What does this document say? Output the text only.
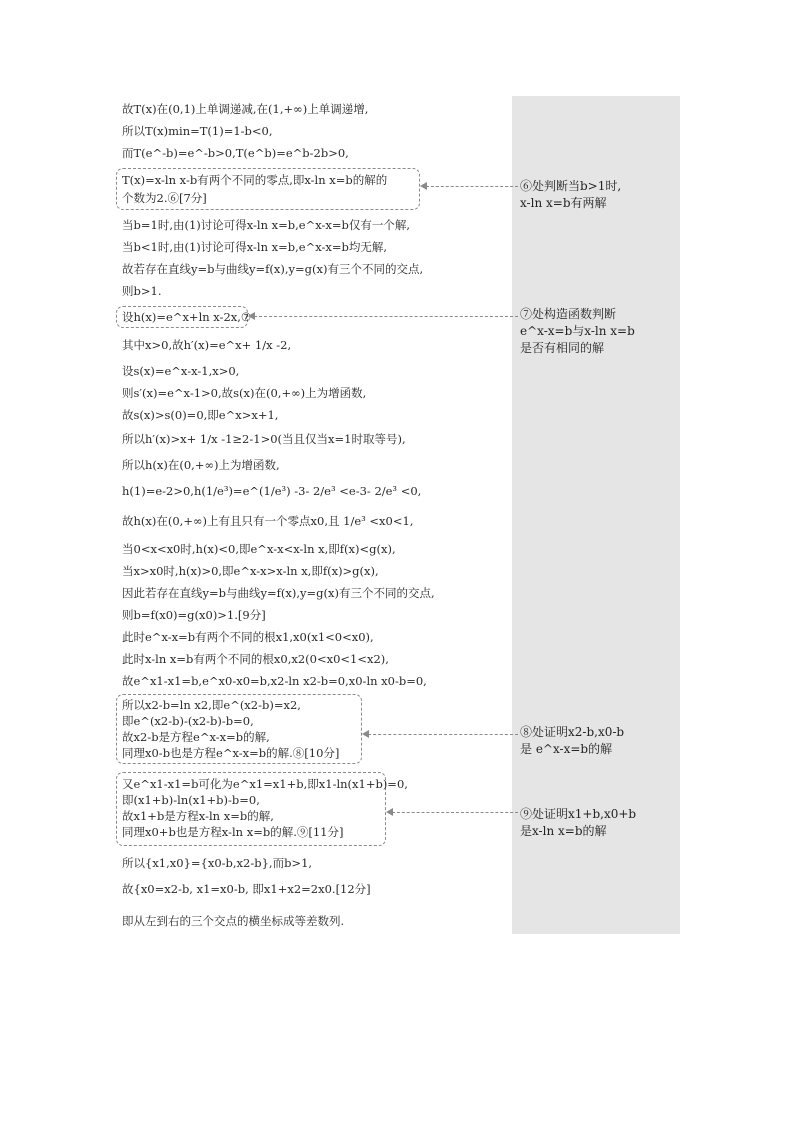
故T(x)在(0,1)上单调递减,在(1,+∞)上单调递增,
所以T(x)min=T(1)=1-b<0,
而T(e^-b)=e^-b>0,T(e^b)=e^b-2b>0,
T(x)=x-ln x-b有两个不同的零点,即x-ln x=b的解的
个数为2.⑥[7分]
当b=1时,由(1)讨论可得x-ln x=b,e^x-x=b仅有一个解,
当b<1时,由(1)讨论可得x-ln x=b,e^x-x=b均无解,
故若存在直线y=b与曲线y=f(x),y=g(x)有三个不同的交点,
则b>1.
设h(x)=e^x+ln x-2x,⑦
其中x>0,故h′(x)=e^x+ 1/x -2,
设s(x)=e^x-x-1,x>0,
则s′(x)=e^x-1>0,故s(x)在(0,+∞)上为增函数,
故s(x)>s(0)=0,即e^x>x+1,
所以h′(x)>x+ 1/x -1≥2-1>0(当且仅当x=1时取等号),
所以h(x)在(0,+∞)上为增函数,
h(1)=e-2>0,h(1/e³)=e^(1/e³) -3- 2/e³ <e-3- 2/e³ <0,
故h(x)在(0,+∞)上有且只有一个零点x0,且 1/e³ <x0<1,
当0<x<x0时,h(x)<0,即e^x-x<x-ln x,即f(x)<g(x),
当x>x0时,h(x)>0,即e^x-x>x-ln x,即f(x)>g(x),
因此若存在直线y=b与曲线y=f(x),y=g(x)有三个不同的交点,
则b=f(x0)=g(x0)>1.[9分]
此时e^x-x=b有两个不同的根x1,x0(x1<0<x0),
此时x-ln x=b有两个不同的根x0,x2(0<x0<1<x2),
故e^x1-x1=b,e^x0-x0=b,x2-ln x2-b=0,x0-ln x0-b=0,
所以x2-b=ln x2,即e^(x2-b)=x2,
即e^(x2-b)-(x2-b)-b=0,
故x2-b是方程e^x-x=b的解,
同理x0-b也是方程e^x-x=b的解.⑧[10分]
又e^x1-x1=b可化为e^x1=x1+b,即x1-ln(x1+b)=0,
即(x1+b)-ln(x1+b)-b=0,
故x1+b是方程x-ln x=b的解,
同理x0+b也是方程x-ln x=b的解.⑨[11分]
所以{x1,x0}={x0-b,x2-b},而b>1,
故{x0=x2-b, x1=x0-b, 即x1+x2=2x0.[12分]
即从左到右的三个交点的横坐标成等差数列.
⑥处判断当b>1时,
x-ln x=b有两解
⑦处构造函数判断
e^x-x=b与x-ln x=b
是否有相同的解
⑧处证明x2-b,x0-b
是 e^x-x=b的解
⑨处证明x1+b,x0+b
是x-ln x=b的解
